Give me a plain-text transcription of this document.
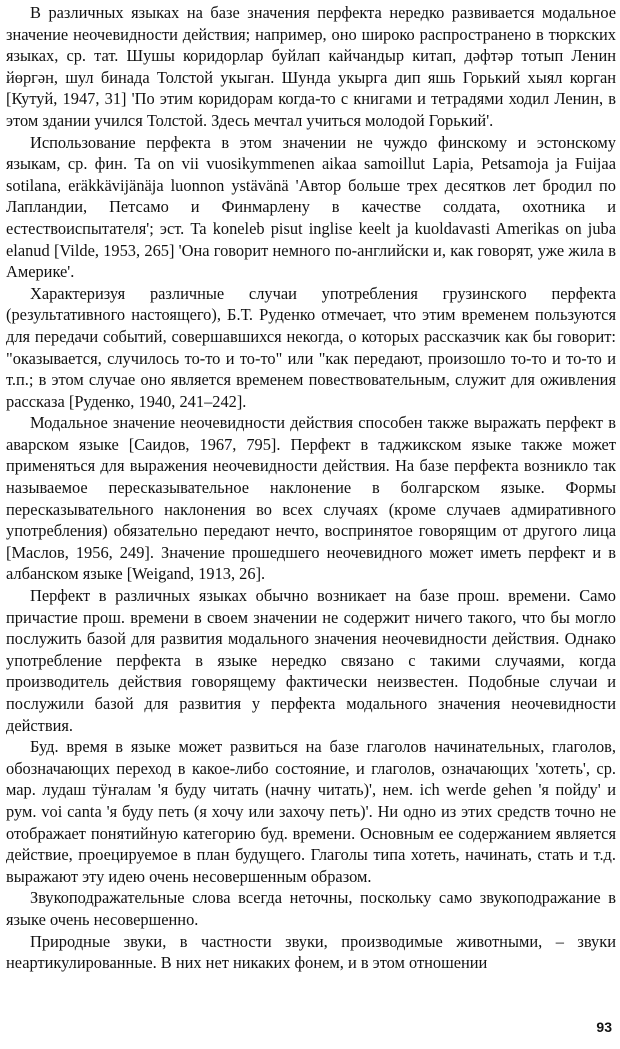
В различных языках на базе значения перфекта нередко развивается модальное значение неочевидности действия; например, оно широко распространено в тюркских языках, ср. тат. Шушы коридорлар буйлап кайчандыр китап, дәфтәр тотып Ленин йөргән, шул бинада Толстой укыган. Шунда укырга дип яшь Горький хыял корган [Кутуй, 1947, 31] 'По этим коридорам когда-то с книгами и тетрадями ходил Ленин, в этом здании учился Толстой. Здесь мечтал учиться молодой Горький'.

Использование перфекта в этом значении не чуждо финскому и эстонскому языкам, ср. фин. Ta on vii vuosikymmenen aikaa samoillut Lapia, Petsamoja ja Fuijaa sotilana, eräkkävijänäja luonnon ystävänä 'Автор больше трех десятков лет бродил по Лапландии, Петсамо и Финмарлену в качестве солдата, охотника и естествоиспытателя'; эст. Ta koneleb pisut inglise keelt ja kuoldavasti Amerikas on juba elanud [Vilde, 1953, 265] 'Она говорит немного по-английски и, как говорят, уже жила в Америке'.

Характеризуя различные случаи употребления грузинского перфекта (результативного настоящего), Б.Т. Руденко отмечает, что этим временем пользуются для передачи событий, совершавшихся некогда, о которых рассказчик как бы говорит: "оказывается, случилось то-то и то-то" или "как передают, произошло то-то и то-то и т.п.; в этом случае оно является временем повествовательным, служит для оживления рассказа [Руденко, 1940, 241–242].

Модальное значение неочевидности действия способен также выражать перфект в аварском языке [Саидов, 1967, 795]. Перфект в таджикском языке также может применяться для выражения неочевидности действия. На базе перфекта возникло так называемое пересказывательное наклонение в болгарском языке. Формы пересказывательного наклонения во всех случаях (кроме случаев адмиративного употребления) обязательно передают нечто, воспринятое говорящим от другого лица [Маслов, 1956, 249]. Значение прошедшего неочевидного может иметь перфект и в албанском языке [Weigand, 1913, 26].

Перфект в различных языках обычно возникает на базе прош. времени. Само причастие прош. времени в своем значении не содержит ничего такого, что бы могло послужить базой для развития модального значения неочевидности действия. Однако употребление перфекта в языке нередко связано с такими случаями, когда производитель действия говорящему фактически неизвестен. Подобные случаи и послужили базой для развития у перфекта модального значения неочевидности действия.

Буд. время в языке может развиться на базе глаголов начинательных, глаголов, обозначающих переход в какое-либо состояние, и глаголов, означающих 'хотеть', ср. мар. лудаш тӱҥалам 'я буду читать (начну читать)', нем. ich werde gehen 'я пойду' и рум. voi canta 'я буду петь (я хочу или захочу петь)'. Ни одно из этих средств точно не отображает понятийную категорию буд. времени. Основным ее содержанием является действие, проецируемое в план будущего. Глаголы типа хотеть, начинать, стать и т.д. выражают эту идею очень несовершенным образом.

Звукоподражательные слова всегда неточны, поскольку само звукоподражание в языке очень несовершенно.

Природные звуки, в частности звуки, производимые животными, – звуки неартикулированные. В них нет никаких фонем, и в этом отношении

93
